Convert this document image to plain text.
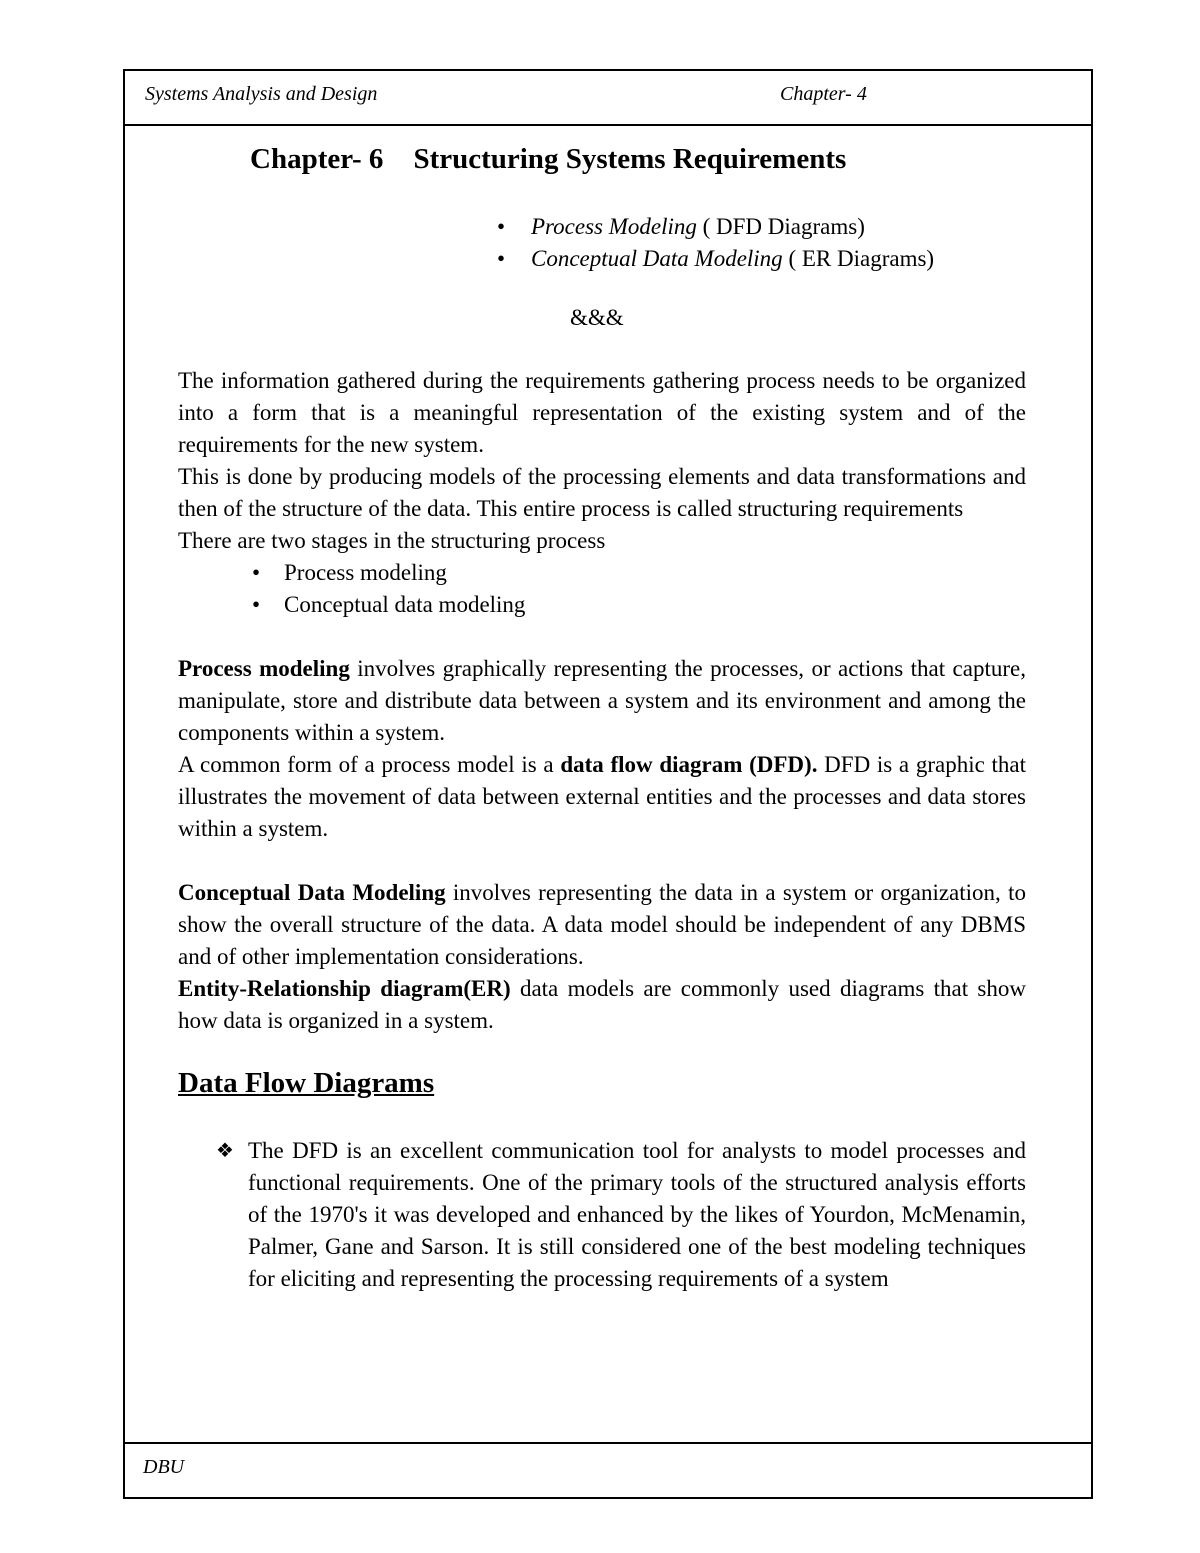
Systems Analysis and Design	Chapter- 4
Chapter- 6 Structuring Systems Requirements
• Process Modeling ( DFD Diagrams)
• Conceptual Data Modeling ( ER Diagrams)
&&&

The information gathered during the requirements gathering process needs to be organized into a form that is a meaningful representation of the existing system and of the requirements for the new system.

This is done by producing models of the processing elements and data transformations and then of the structure of the data. This entire process is called structuring requirements

There are two stages in the structuring process

• Process modeling
• Conceptual data modeling

Process modeling involves graphically representing the processes, or actions that capture, manipulate, store and distribute data between a system and its environment and among the components within a system.

A common form of a process model is a data flow diagram (DFD). DFD is a graphic that illustrates the movement of data between external entities and the processes and data stores within a system.

Conceptual Data Modeling involves representing the data in a system or organization, to show the overall structure of the data. A data model should be independent of any DBMS and of other implementation considerations.

Entity-Relationship diagram(ER) data models are commonly used diagrams that show how data is organized in a system.

Data Flow Diagrams
❖ The DFD is an excellent communication tool for analysts to model processes and functional requirements. One of the primary tools of the structured analysis efforts of the 1970's it was developed and enhanced by the likes of Yourdon, McMenamin, Palmer, Gane and Sarson. It is still considered one of the best modeling techniques for eliciting and representing the processing requirements of a system
DBU
